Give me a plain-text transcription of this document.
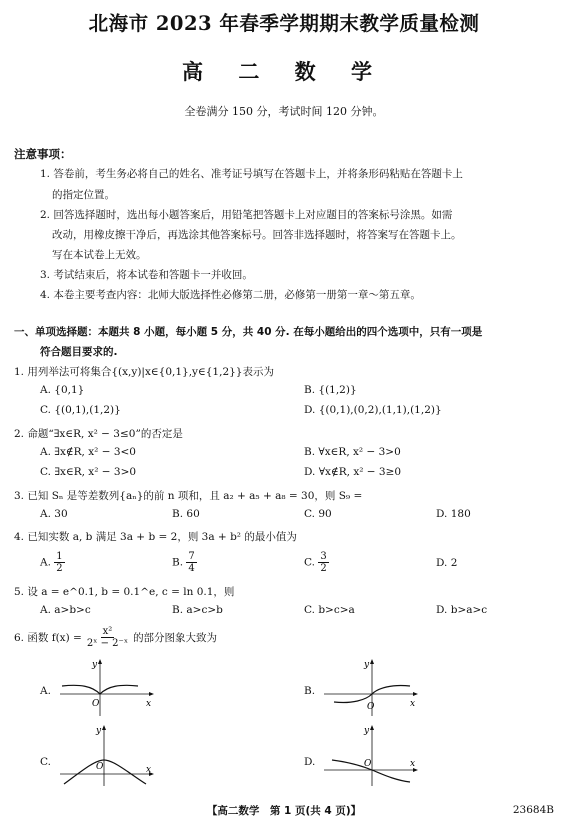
北海市 2023 年春季学期期末教学质量检测
高 二 数 学
全卷满分 150 分，考试时间 120 分钟。
注意事项：
1. 答卷前，考生务必将自己的姓名、准考证号填写在答题卡上，并将条形码粘贴在答题卡上
的指定位置。
2. 回答选择题时，选出每小题答案后，用铅笔把答题卡上对应题目的答案标号涂黑。如需
改动，用橡皮擦干净后，再选涂其他答案标号。回答非选择题时，将答案写在答题卡上。
写在本试卷上无效。
3. 考试结束后，将本试卷和答题卡一并收回。
4. 本卷主要考查内容：北师大版选择性必修第二册，必修第一册第一章～第五章。
一、单项选择题：本题共 8 小题，每小题 5 分，共 40 分. 在每小题给出的四个选项中，只有一项是
符合题目要求的.
1. 用列举法可将集合{(x,y)|x∈{0,1},y∈{1,2}}表示为
A. {0,1}	B. {(1,2)}
C. {(0,1),(1,2)}	D. {(0,1),(0,2),(1,1),(1,2)}
2. 命题“∃x∈R, x² − 3≤0”的否定是
A. ∃x∉R, x² − 3<0	B. ∀x∈R, x² − 3>0
C. ∃x∈R, x² − 3>0	D. ∀x∉R, x² − 3≥0
3. 已知 Sₙ 是等差数列{aₙ}的前 n 项和，且 a₂ + a₅ + a₈ = 30，则 S₉ =
A. 30	B. 60	C. 90	D. 180
4. 已知实数 a, b 满足 3a + b = 2，则 3a + b² 的最小值为
A. $\frac{1}{2}$	B. $\frac{7}{4}$	C. $\frac{3}{2}$	D. 2
5. 设 a = e^0.1, b = 0.1^e, c = ln 0.1，则
A. a>b>c	B. a>c>b	C. b>c>a	D. b>a>c
6. 函数 $f(x) = \frac{\text{x²}}{\text{2ˣ − 2⁻ˣ}}$ 的部分图象大致为
A.
y
x
O
B.
y
x
O
C.
y
x
O	D.
y
x
O
【高二数学　第 1 页(共 4 页)】	23684B
